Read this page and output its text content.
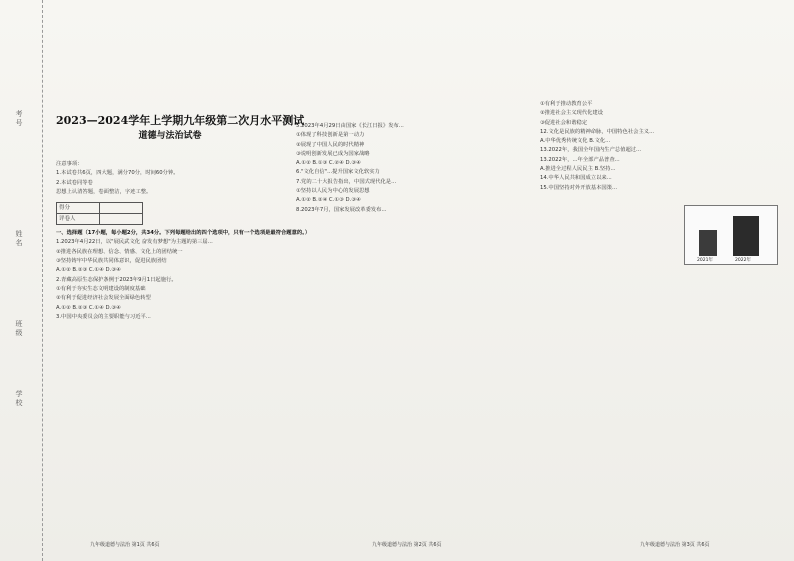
考号
姓名
班级
学校
2023—2024学年上学期九年级第二次月水平测试
道德与法治试卷

注意事项：

1.本试卷共6页，四大题，满分70分，时间60分钟。

2.本试卷同等卷

思想上认清答题，卷面整洁，字迹工整。

得分	
评卷人	

一、选择题（17小题，每小题2分，共34分。下列每题给出的四个选项中，只有一个选项是最符合题意的。）

1.2023年4月22日，以"展民武文化 奋发有梦想"为主题的第三届...

②推进各民族在理想、信念、情感、文化上的团结统一

③坚持铸牢中华民族共同体意识，促进民族团结

A.①② B.②③ C.①④ D.③④

2.青藏高原生态保护条例于2023年9月1日起施行。

①有利于夯实生态文明建设的制度基础

②有利于促进经济社会发展全面绿色转型

A.①② B.②③ C.①④ D.③④

3.中国中央委员会的主要职能与习近平...

九年级道德与法治 第1页 共6页

5.2023年4月29日由国家《长江日报》发布...

①体现了科技创新是第一动力

②展现了中国人民的时代精神

③说明创新发展已成为国家战略

A.①② B.①③ C.②④ D.③④

6."文化自信"...提升国家文化软实力

7.党的二十大报告指出，中国式现代化是...

①坚持以人民为中心的发展思想

A.①② B.②④ C.①③ D.③④

8.2023年7月，国家发展改革委发布...

九年级道德与法治 第2页 共6页

①有利于推动教育公平

②推进社会主义现代化建设

③促进社会和谐稳定

12.文化是民族的精神命脉，中国特色社会主义...

A.中华优秀传统文化 B.文化...

13.2022年，我国全年国内生产总值超过...

13.2022年，...年全部产品普查...

A.推进全过程人民民主 B.坚持...

14.中华人民共和国成立以来...

15.中国坚持对外开放基本国策...

2021年	2022年
九年级道德与法治 第3页 共6页
